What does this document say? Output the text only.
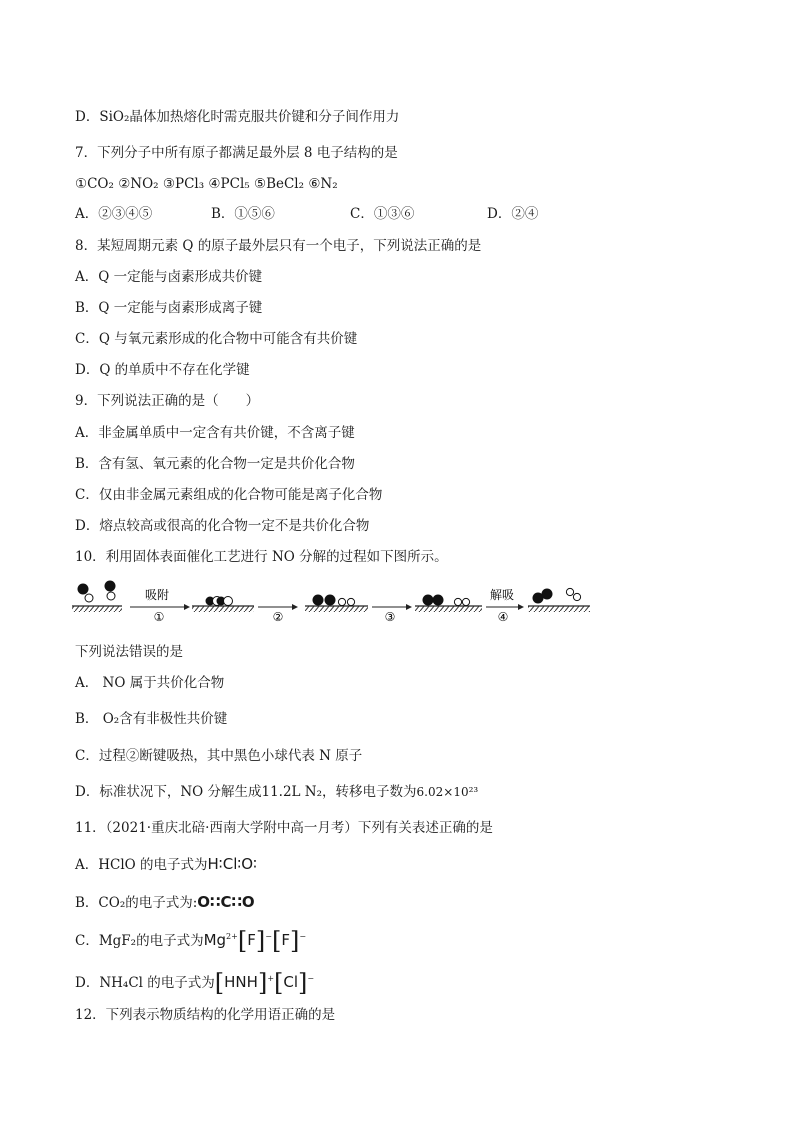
D．SiO₂晶体加热熔化时需克服共价键和分子间作用力
7．下列分子中所有原子都满足最外层 8 电子结构的是
①CO₂ ②NO₂ ③PCl₃ ④PCl₅ ⑤BeCl₂ ⑥N₂
A．②③④⑤	B．①⑤⑥	C．①③⑥	D．②④
8．某短周期元素 Q 的原子最外层只有一个电子，下列说法正确的是
A．Q 一定能与卤素形成共价键
B．Q 一定能与卤素形成离子键
C．Q 与氧元素形成的化合物中可能含有共价键
D．Q 的单质中不存在化学键
9．下列说法正确的是（　　）
A．非金属单质中一定含有共价键，不含离子键
B．含有氢、氧元素的化合物一定是共价化合物
C．仅由非金属元素组成的化合物可能是离子化合物
D．熔点较高或很高的化合物一定不是共价化合物
10．利用固体表面催化工艺进行 NO 分解的过程如下图所示。
吸附
①	②	③
解吸
④
下列说法错误的是
A． NO 属于共价化合物
B． O₂含有非极性共价键
C．过程②断键吸热，其中黑色小球代表 N 原子
D．标准状况下，NO 分解生成11.2L N₂，转移电子数为6.02×10²³
11．（2021·重庆北碚·西南大学附中高一月考）下列有关表述正确的是
A．HClO 的电子式为H∶Cl∶O∶
B．CO₂的电子式为:O∷C∷O
C．MgF₂的电子式为$Mg^{2+}[F]^-[F]^-$
D．NH₄Cl 的电子式为[HNH]+[Cl]−
12．下列表示物质结构的化学用语正确的是
